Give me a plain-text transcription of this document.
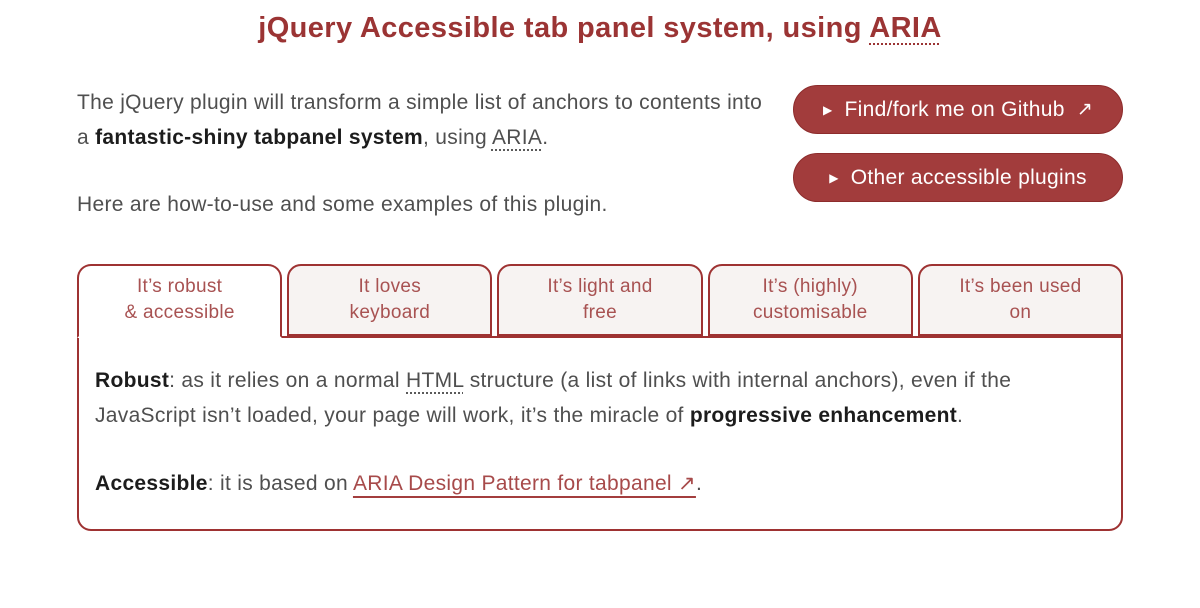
jQuery Accessible tab panel system, using ARIA

The jQuery plugin will transform a simple list of anchors to contents into a fantastic-shiny tabpanel system, using ARIA.

Here are how-to-use and some examples of this plugin.

▶ Find/fork me on Github ↗
▶ Other accessible plugins
It’s robust
& accessible
It loves
keyboard
It’s light and
free
It’s (highly)
customisable
It’s been used
on

Robust: as it relies on a normal HTML structure (a list of links with internal anchors), even if the JavaScript isn’t loaded, your page will work, it’s the miracle of progressive enhancement.

Accessible: it is based on ARIA Design Pattern for tabpanel ↗.
